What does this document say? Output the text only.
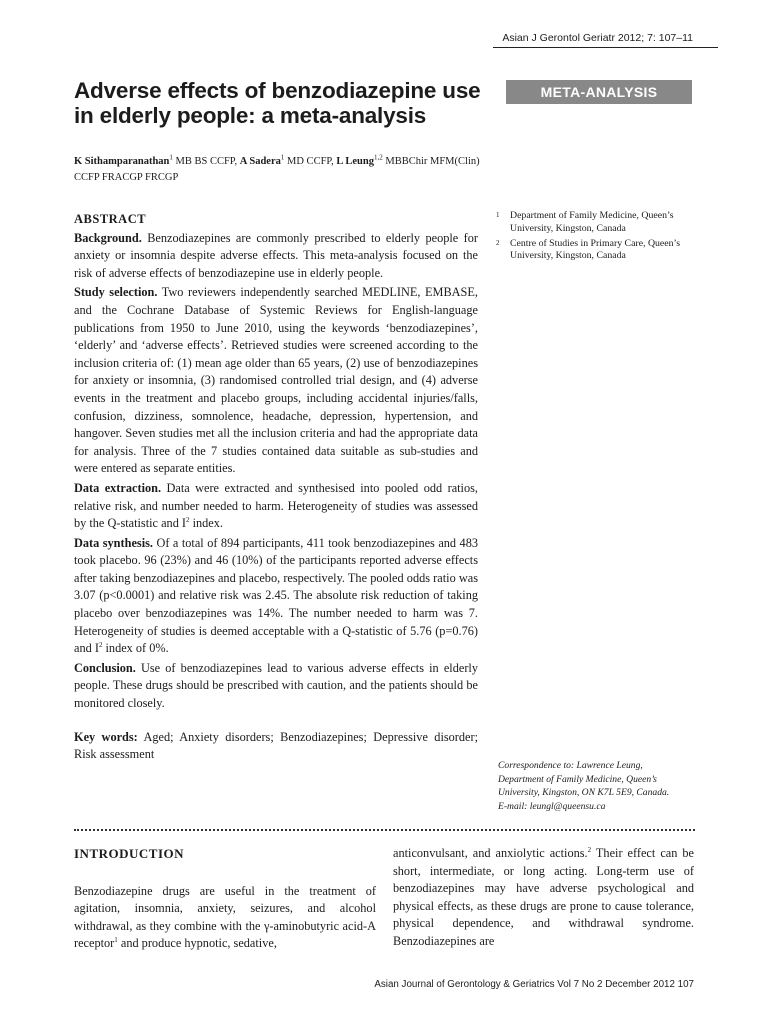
Asian J Gerontol Geriatr 2012; 7: 107–11
Adverse effects of benzodiazepine use in elderly people: a meta-analysis
META-ANALYSIS
K Sithamparanathan$^1$ MB BS CCFP, A Sadera$^1$ MD CCFP, L Leung$^{1,2}$ MBBChir MFM(Clin) CCFP FRACGP FRCGP
ABSTRACT

Background. Benzodiazepines are commonly prescribed to elderly people for anxiety or insomnia despite adverse effects. This meta-analysis focused on the risk of adverse effects of benzodiazepine use in elderly people.

Study selection. Two reviewers independently searched MEDLINE, EMBASE, and the Cochrane Database of Systemic Reviews for English-language publications from 1950 to June 2010, using the keywords ‘benzodiazepines’, ‘elderly’ and ‘adverse effects’. Retrieved studies were screened according to the inclusion criteria of: (1) mean age older than 65 years, (2) use of benzodiazepines for anxiety or insomnia, (3) randomised controlled trial design, and (4) adverse events in the treatment and placebo groups, including accidental injuries/falls, confusion, dizziness, somnolence, headache, depression, hypertension, and hangover. Seven studies met all the inclusion criteria and had the appropriate data for analysis. Three of the 7 studies contained data suitable as sub-studies and were entered as separate entities.

Data extraction. Data were extracted and synthesised into pooled odd ratios, relative risk, and number needed to harm. Heterogeneity of studies was assessed by the Q-statistic and $I^2$ index.

Data synthesis. Of a total of 894 participants, 411 took benzodiazepines and 483 took placebo. 96 (23%) and 46 (10%) of the participants reported adverse effects after taking benzodiazepines and placebo, respectively. The pooled odds ratio was 3.07 (p<0.0001) and relative risk was 2.45. The absolute risk reduction of taking placebo over benzodiazepines was 14%. The number needed to harm was 7. Heterogeneity of studies is deemed acceptable with a Q-statistic of 5.76 (p=0.76) and $I^2$ index of 0%.

Conclusion. Use of benzodiazepines lead to various adverse effects in elderly people. These drugs should be prescribed with caution, and the patients should be monitored closely.

Key words: Aged; Anxiety disorders; Benzodiazepines; Depressive disorder; Risk assessment

1	Department of Family Medicine, Queen’s University, Kingston, Canada
2	Centre of Studies in Primary Care, Queen’s University, Kingston, Canada
Correspondence to: Lawrence Leung,
Department of Family Medicine, Queen’s
University, Kingston, ON K7L 5E9, Canada.
E-mail: leungl@queensu.ca
INTRODUCTION

Benzodiazepine drugs are useful in the treatment of agitation, insomnia, anxiety, seizures, and alcohol withdrawal, as they combine with the γ-aminobutyric acid-A receptor$^1$ and produce hypnotic, sedative,

anticonvulsant, and anxiolytic actions.$^2$ Their effect can be short, intermediate, or long acting. Long-term use of benzodiazepines may have adverse psychological and physical effects, as these drugs are prone to cause tolerance, physical dependence, and withdrawal syndrome. Benzodiazepines are

Asian Journal of Gerontology & Geriatrics Vol 7 No 2 December 2012 107
